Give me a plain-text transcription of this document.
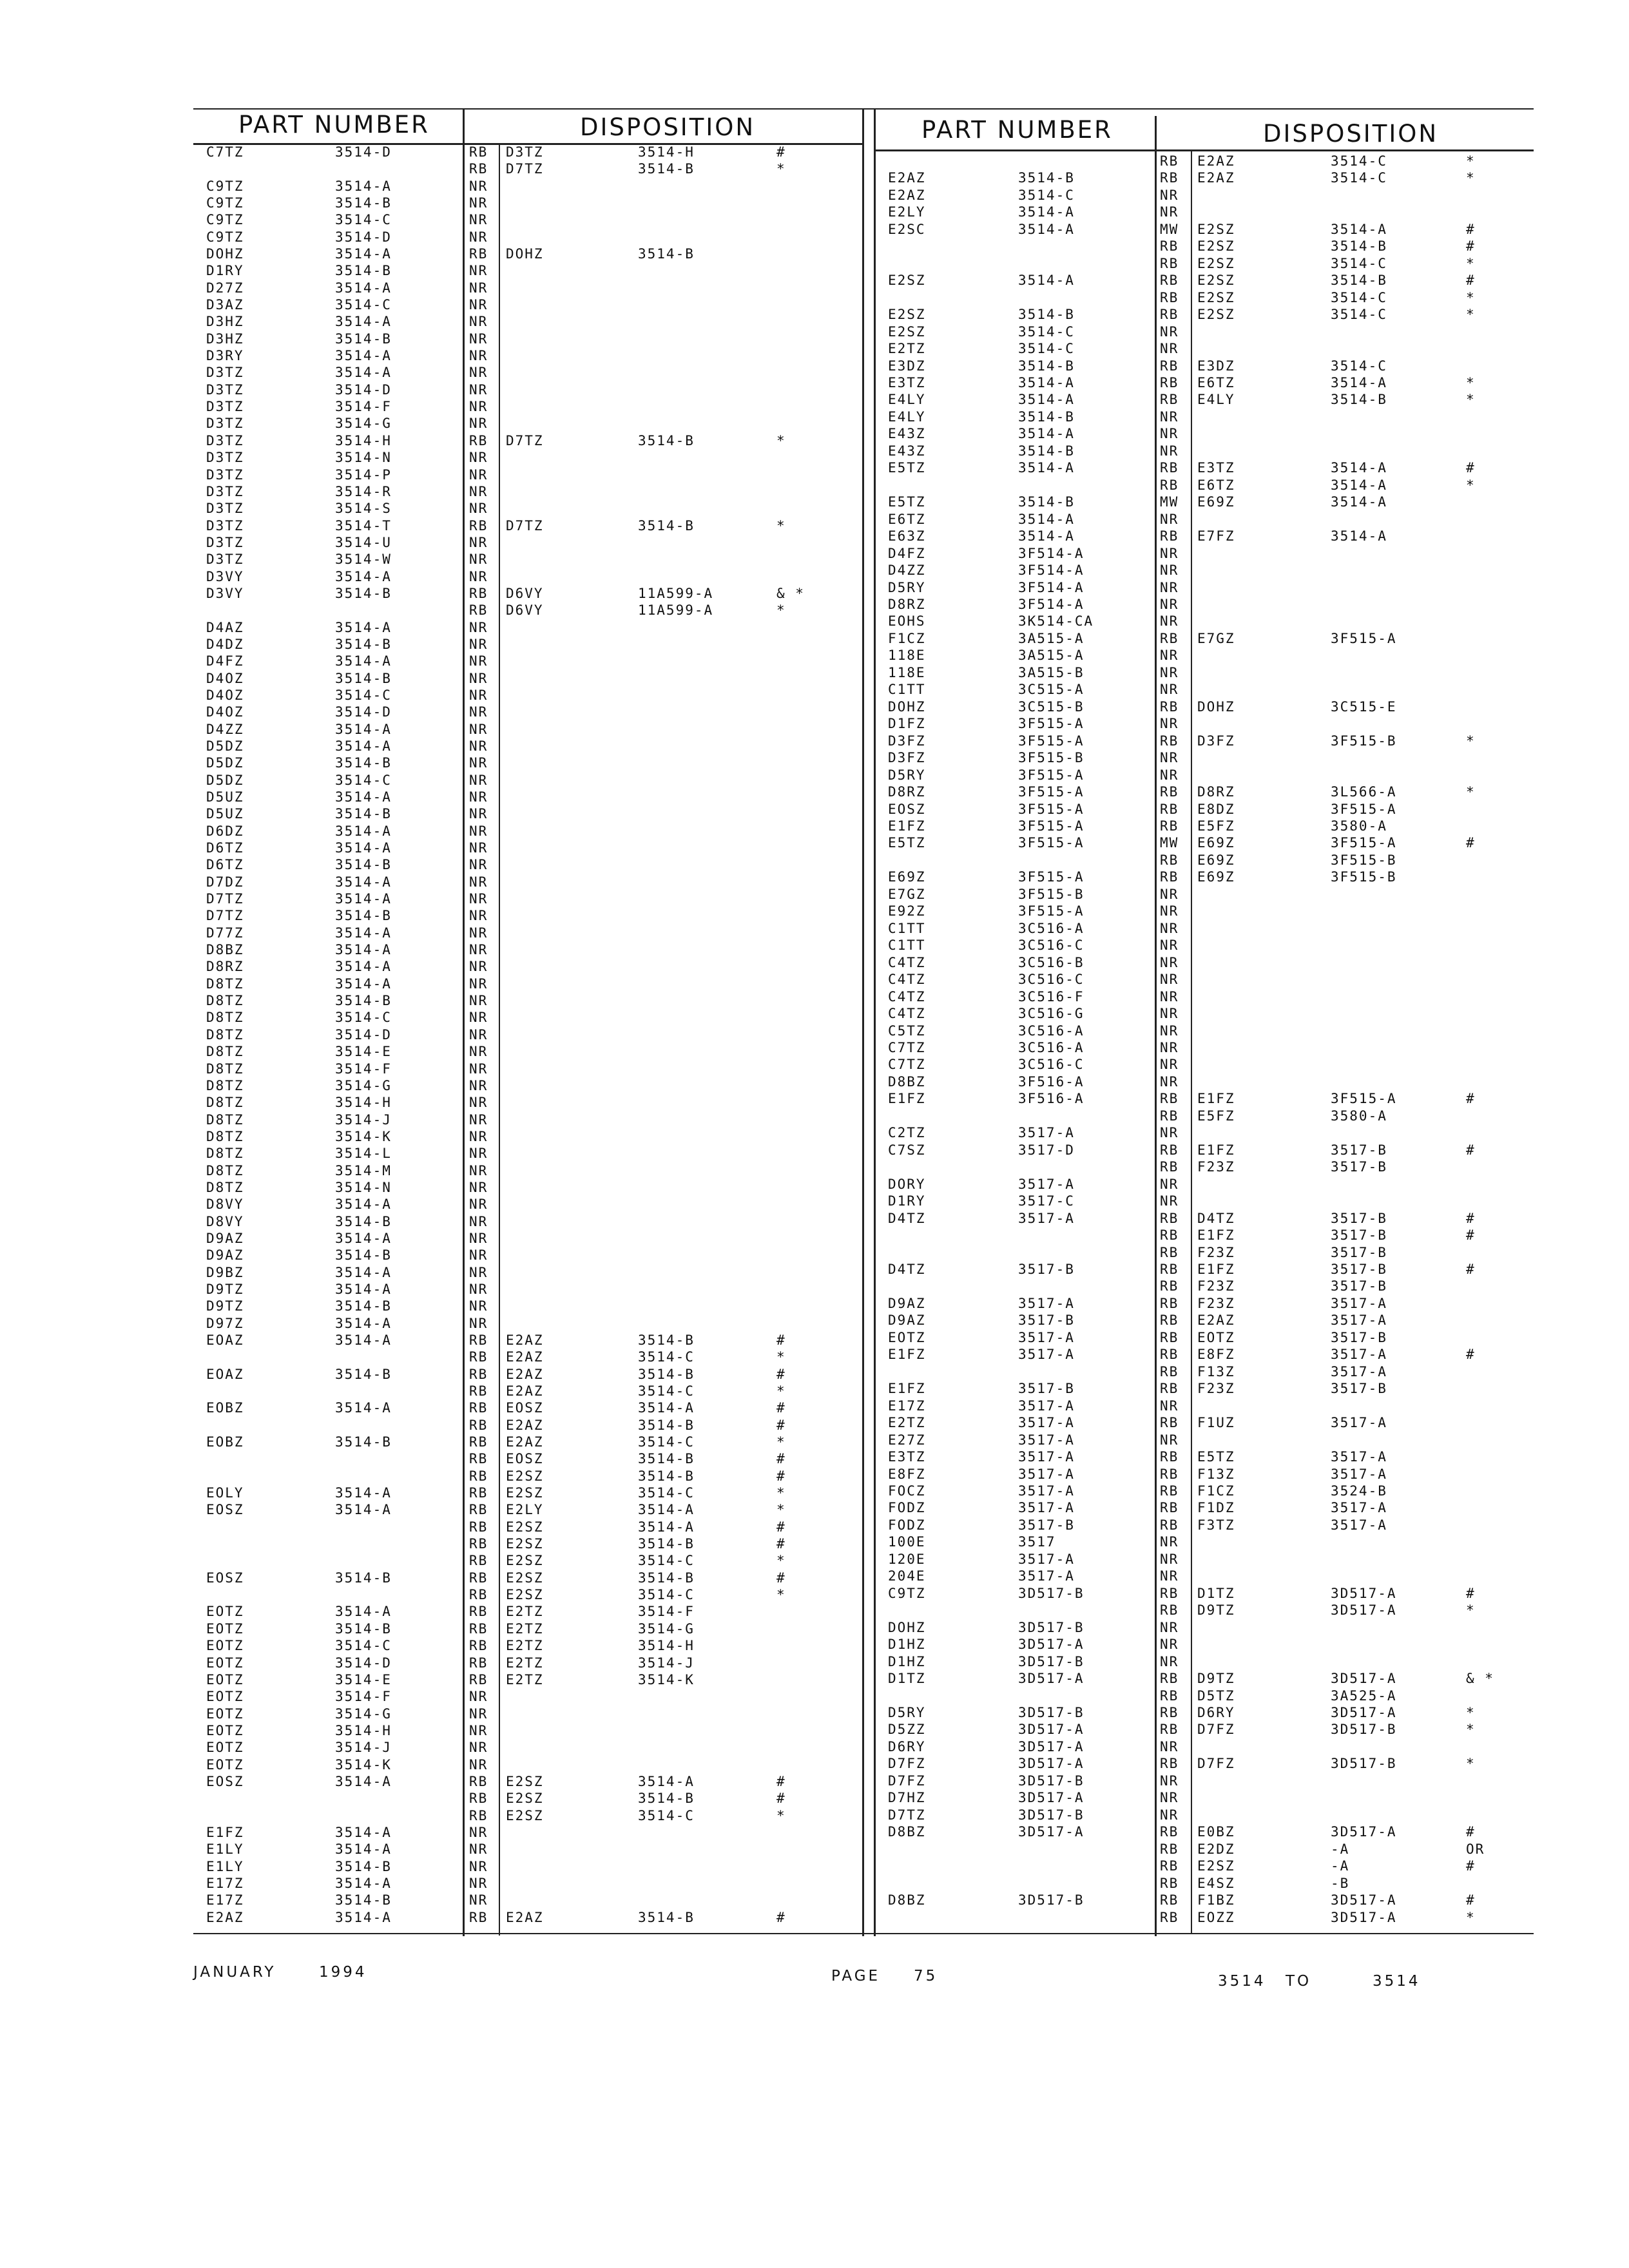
PART NUMBER	DISPOSITION	PART NUMBER	DISPOSITION
C7TZ	3514-D	RB D3TZ	3514-H	#
RB D7TZ	3514-B	*
C9TZ	3514-A	NR
C9TZ	3514-B	NR
C9TZ	3514-C	NR
C9TZ	3514-D	NR
DOHZ	3514-A	RB DOHZ	3514-B
D1RY	3514-B	NR
D27Z	3514-A	NR
D3AZ	3514-C	NR
D3HZ	3514-A	NR
D3HZ	3514-B	NR
D3RY	3514-A	NR
D3TZ	3514-A	NR
D3TZ	3514-D	NR
D3TZ	3514-F	NR
D3TZ	3514-G	NR
D3TZ	3514-H	RB D7TZ	3514-B	*
D3TZ	3514-N	NR
D3TZ	3514-P	NR
D3TZ	3514-R	NR
D3TZ	3514-S	NR
D3TZ	3514-T	RB D7TZ	3514-B	*
D3TZ	3514-U	NR
D3TZ	3514-W	NR
D3VY	3514-A	NR
D3VY	3514-B	RB D6VY	11A599-A	& *
RB D6VY	11A599-A	*
D4AZ	3514-A	NR
D4DZ	3514-B	NR
D4FZ	3514-A	NR
D4OZ	3514-B	NR
D4OZ	3514-C	NR
D4OZ	3514-D	NR
D4ZZ	3514-A	NR
D5DZ	3514-A	NR
D5DZ	3514-B	NR
D5DZ	3514-C	NR
D5UZ	3514-A	NR
D5UZ	3514-B	NR
D6DZ	3514-A	NR
D6TZ	3514-A	NR
D6TZ	3514-B	NR
D7DZ	3514-A	NR
D7TZ	3514-A	NR
D7TZ	3514-B	NR
D77Z	3514-A	NR
D8BZ	3514-A	NR
D8RZ	3514-A	NR
D8TZ	3514-A	NR
D8TZ	3514-B	NR
D8TZ	3514-C	NR
D8TZ	3514-D	NR
D8TZ	3514-E	NR
D8TZ	3514-F	NR
D8TZ	3514-G	NR
D8TZ	3514-H	NR
D8TZ	3514-J	NR
D8TZ	3514-K	NR
D8TZ	3514-L	NR
D8TZ	3514-M	NR
D8TZ	3514-N	NR
D8VY	3514-A	NR
D8VY	3514-B	NR
D9AZ	3514-A	NR
D9AZ	3514-B	NR
D9BZ	3514-A	NR
D9TZ	3514-A	NR
D9TZ	3514-B	NR
D97Z	3514-A	NR
EOAZ	3514-A	RB E2AZ	3514-B	#
RB E2AZ	3514-C	*
EOAZ	3514-B	RB E2AZ	3514-B	#
RB E2AZ	3514-C	*
EOBZ	3514-A	RB EOSZ	3514-A	#
RB E2AZ	3514-B	#
EOBZ	3514-B	RB E2AZ	3514-C	*
RB EOSZ	3514-B	#
RB E2SZ	3514-B	#
EOLY	3514-A	RB E2SZ	3514-C	*
EOSZ	3514-A	RB E2LY	3514-A	*
RB E2SZ	3514-A	#
RB E2SZ	3514-B	#
RB E2SZ	3514-C	*
EOSZ	3514-B	RB E2SZ	3514-B	#
RB E2SZ	3514-C	*
EOTZ	3514-A	RB E2TZ	3514-F
EOTZ	3514-B	RB E2TZ	3514-G
EOTZ	3514-C	RB E2TZ	3514-H
EOTZ	3514-D	RB E2TZ	3514-J
EOTZ	3514-E	RB E2TZ	3514-K
EOTZ	3514-F	NR
EOTZ	3514-G	NR
EOTZ	3514-H	NR
EOTZ	3514-J	NR
EOTZ	3514-K	NR
EOSZ	3514-A	RB E2SZ	3514-A	#
RB E2SZ	3514-B	#
RB E2SZ	3514-C	*
E1FZ	3514-A	NR
E1LY	3514-A	NR
E1LY	3514-B	NR
E17Z	3514-A	NR
E17Z	3514-B	NR
E2AZ	3514-A	RB E2AZ	3514-B	#
RB E2AZ	3514-C	*
E2AZ	3514-B	RB E2AZ	3514-C	*
E2AZ	3514-C	NR
E2LY	3514-A	NR
E2SC	3514-A	MW E2SZ	3514-A	#
RB E2SZ	3514-B	#
RB E2SZ	3514-C	*
E2SZ	3514-A	RB E2SZ	3514-B	#
RB E2SZ	3514-C	*
E2SZ	3514-B	RB E2SZ	3514-C	*
E2SZ	3514-C	NR
E2TZ	3514-C	NR
E3DZ	3514-B	RB E3DZ	3514-C
E3TZ	3514-A	RB E6TZ	3514-A	*
E4LY	3514-A	RB E4LY	3514-B	*
E4LY	3514-B	NR
E43Z	3514-A	NR
E43Z	3514-B	NR
E5TZ	3514-A	RB E3TZ	3514-A	#
RB E6TZ	3514-A	*
E5TZ	3514-B	MW E69Z	3514-A
E6TZ	3514-A	NR
E63Z	3514-A	RB E7FZ	3514-A
D4FZ	3F514-A	NR
D4ZZ	3F514-A	NR
D5RY	3F514-A	NR
D8RZ	3F514-A	NR
EOHS	3K514-CA	NR
F1CZ	3A515-A	RB E7GZ	3F515-A
118E	3A515-A	NR
118E	3A515-B	NR
C1TT	3C515-A	NR
DOHZ	3C515-B	RB DOHZ	3C515-E
D1FZ	3F515-A	NR
D3FZ	3F515-A	RB D3FZ	3F515-B	*
D3FZ	3F515-B	NR
D5RY	3F515-A	NR
D8RZ	3F515-A	RB D8RZ	3L566-A	*
EOSZ	3F515-A	RB E8DZ	3F515-A
E1FZ	3F515-A	RB E5FZ	3580-A
E5TZ	3F515-A	MW E69Z	3F515-A	#
RB E69Z	3F515-B
E69Z	3F515-A	RB E69Z	3F515-B
E7GZ	3F515-B	NR
E92Z	3F515-A	NR
C1TT	3C516-A	NR
C1TT	3C516-C	NR
C4TZ	3C516-B	NR
C4TZ	3C516-C	NR
C4TZ	3C516-F	NR
C4TZ	3C516-G	NR
C5TZ	3C516-A	NR
C7TZ	3C516-A	NR
C7TZ	3C516-C	NR
D8BZ	3F516-A	NR
E1FZ	3F516-A	RB E1FZ	3F515-A	#
RB E5FZ	3580-A
C2TZ	3517-A	NR
C7SZ	3517-D	RB E1FZ	3517-B	#
RB F23Z	3517-B
DORY	3517-A	NR
D1RY	3517-C	NR
D4TZ	3517-A	RB D4TZ	3517-B	#
RB E1FZ	3517-B	#
RB F23Z	3517-B
D4TZ	3517-B	RB E1FZ	3517-B	#
RB F23Z	3517-B
D9AZ	3517-A	RB F23Z	3517-A
D9AZ	3517-B	RB E2AZ	3517-A
EOTZ	3517-A	RB EOTZ	3517-B
E1FZ	3517-A	RB E8FZ	3517-A	#
RB F13Z	3517-A
E1FZ	3517-B	RB F23Z	3517-B
E17Z	3517-A	NR
E2TZ	3517-A	RB F1UZ	3517-A
E27Z	3517-A	NR
E3TZ	3517-A	RB E5TZ	3517-A
E8FZ	3517-A	RB F13Z	3517-A
FOCZ	3517-A	RB F1CZ	3524-B
FODZ	3517-A	RB F1DZ	3517-A
FODZ	3517-B	RB F3TZ	3517-A
100E	3517	NR
120E	3517-A	NR
204E	3517-A	NR
C9TZ	3D517-B	RB D1TZ	3D517-A	#
RB D9TZ	3D517-A	*
DOHZ	3D517-B	NR
D1HZ	3D517-A	NR
D1HZ	3D517-B	NR
D1TZ	3D517-A	RB D9TZ	3D517-A	& *
RB D5TZ	3A525-A
D5RY	3D517-B	RB D6RY	3D517-A	*
D5ZZ	3D517-A	RB D7FZ	3D517-B	*
D6RY	3D517-A	NR
D7FZ	3D517-A	RB D7FZ	3D517-B	*
D7FZ	3D517-B	NR
D7HZ	3D517-A	NR
D7TZ	3D517-B	NR
D8BZ	3D517-A	RB E0BZ	3D517-A	#
RB E2DZ	-A	OR
RB E2SZ	-A	#
RB E4SZ	-B
D8BZ	3D517-B	RB F1BZ	3D517-A	#
RB EOZZ	3D517-A	*
JANUARY	1994	PAGE 75	3514 TO	3514
